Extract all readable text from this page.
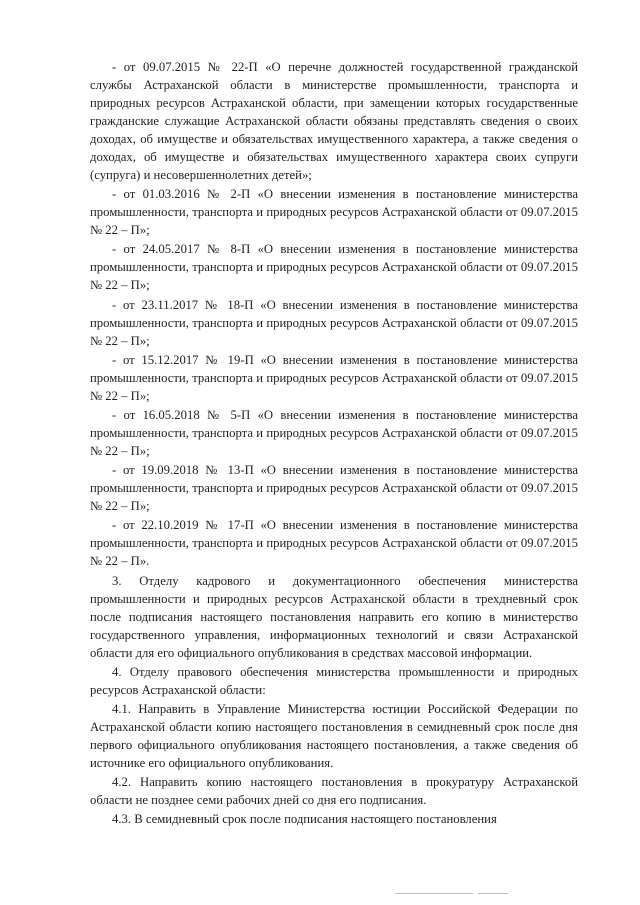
- от 09.07.2015 № 22-П «О перечне должностей государственной гражданской службы Астраханской области в министерстве промышленности, транспорта и природных ресурсов Астраханской области, при замещении которых государственные гражданские служащие Астраханской области обязаны представлять сведения о своих доходах, об имуществе и обязательствах имущественного характера, а также сведения о доходах, об имуществе и обязательствах имущественного характера своих супруги (супруга) и несовершеннолетних детей»;

- от 01.03.2016 № 2-П «О внесении изменения в постановление министерства промышленности, транспорта и природных ресурсов Астраханской области от 09.07.2015 № 22 – П»;

- от 24.05.2017 № 8-П «О внесении изменения в постановление министерства промышленности, транспорта и природных ресурсов Астраханской области от 09.07.2015 № 22 – П»;

- от 23.11.2017 № 18-П «О внесении изменения в постановление министерства промышленности, транспорта и природных ресурсов Астраханской области от 09.07.2015 № 22 – П»;

- от 15.12.2017 № 19-П «О внесении изменения в постановление министерства промышленности, транспорта и природных ресурсов Астраханской области от 09.07.2015 № 22 – П»;

- от 16.05.2018 № 5-П «О внесении изменения в постановление министерства промышленности, транспорта и природных ресурсов Астраханской области от 09.07.2015 № 22 – П»;

- от 19.09.2018 № 13-П «О внесении изменения в постановление министерства промышленности, транспорта и природных ресурсов Астраханской области от 09.07.2015 № 22 – П»;

- от 22.10.2019 № 17-П «О внесении изменения в постановление министерства промышленности, транспорта и природных ресурсов Астраханской области от 09.07.2015 № 22 – П».

3. Отделу кадрового и документационного обеспечения министерства промышленности и природных ресурсов Астраханской области в трехдневный срок после подписания настоящего постановления направить его копию в министерство государственного управления, информационных технологий и связи Астраханской области для его официального опубликования в средствах массовой информации.

4. Отделу правового обеспечения министерства промышленности и природных ресурсов Астраханской области:

4.1. Направить в Управление Министерства юстиции Российской Федерации по Астраханской области копию настоящего постановления в семидневный срок после дня первого официального опубликования настоящего постановления, а также сведения об источнике его официального опубликования.

4.2. Направить копию настоящего постановления в прокуратуру Астраханской области не позднее семи рабочих дней со дня его подписания.

4.3. В семидневный срок после подписания настоящего постановления
